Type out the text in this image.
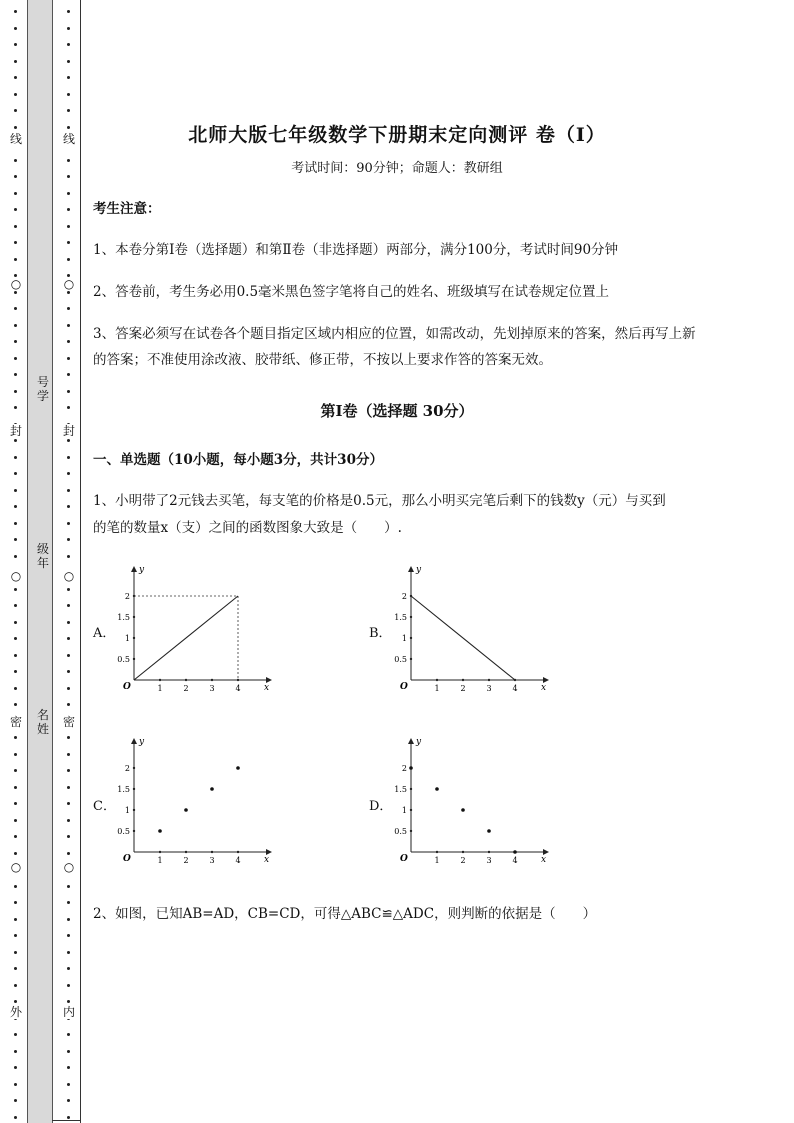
线
○
封
○
密
○
外
线
○
封
○
密
○
内
号学
级年
名姓
北师大版七年级数学下册期末定向测评 卷（Ⅰ）
考试时间：90分钟；命题人：教研组
考生注意：
1、本卷分第Ⅰ卷（选择题）和第Ⅱ卷（非选择题）两部分，满分100分，考试时间90分钟
2、答卷前，考生务必用0.5毫米黑色签字笔将自己的姓名、班级填写在试卷规定位置上
3、答案必须写在试卷各个题目指定区域内相应的位置，如需改动，先划掉原来的答案，然后再写上新
的答案；不准使用涂改液、胶带纸、修正带，不按以上要求作答的答案无效。
第Ⅰ卷（选择题 30分）
一、单选题（10小题，每小题3分，共计30分）
1、小明带了2元钱去买笔，每支笔的价格是0.5元，那么小明买完笔后剩下的钱数y（元）与买到
的笔的数量x（支）之间的函数图象大致是（　　）.
A．	B．
C．	D．
x
y
O	1	2	3	4
0.5
1
1.5
2
x
y
O	1	2	3	4
0.5
1
1.5
2
x
y
O	1	2	3	4
0.5
1
1.5
2
x
y
O	1	2	3	4
0.5
1
1.5
2
2、如图，已知AB=AD，CB=CD，可得△ABC≌△ADC，则判断的依据是（　　）
